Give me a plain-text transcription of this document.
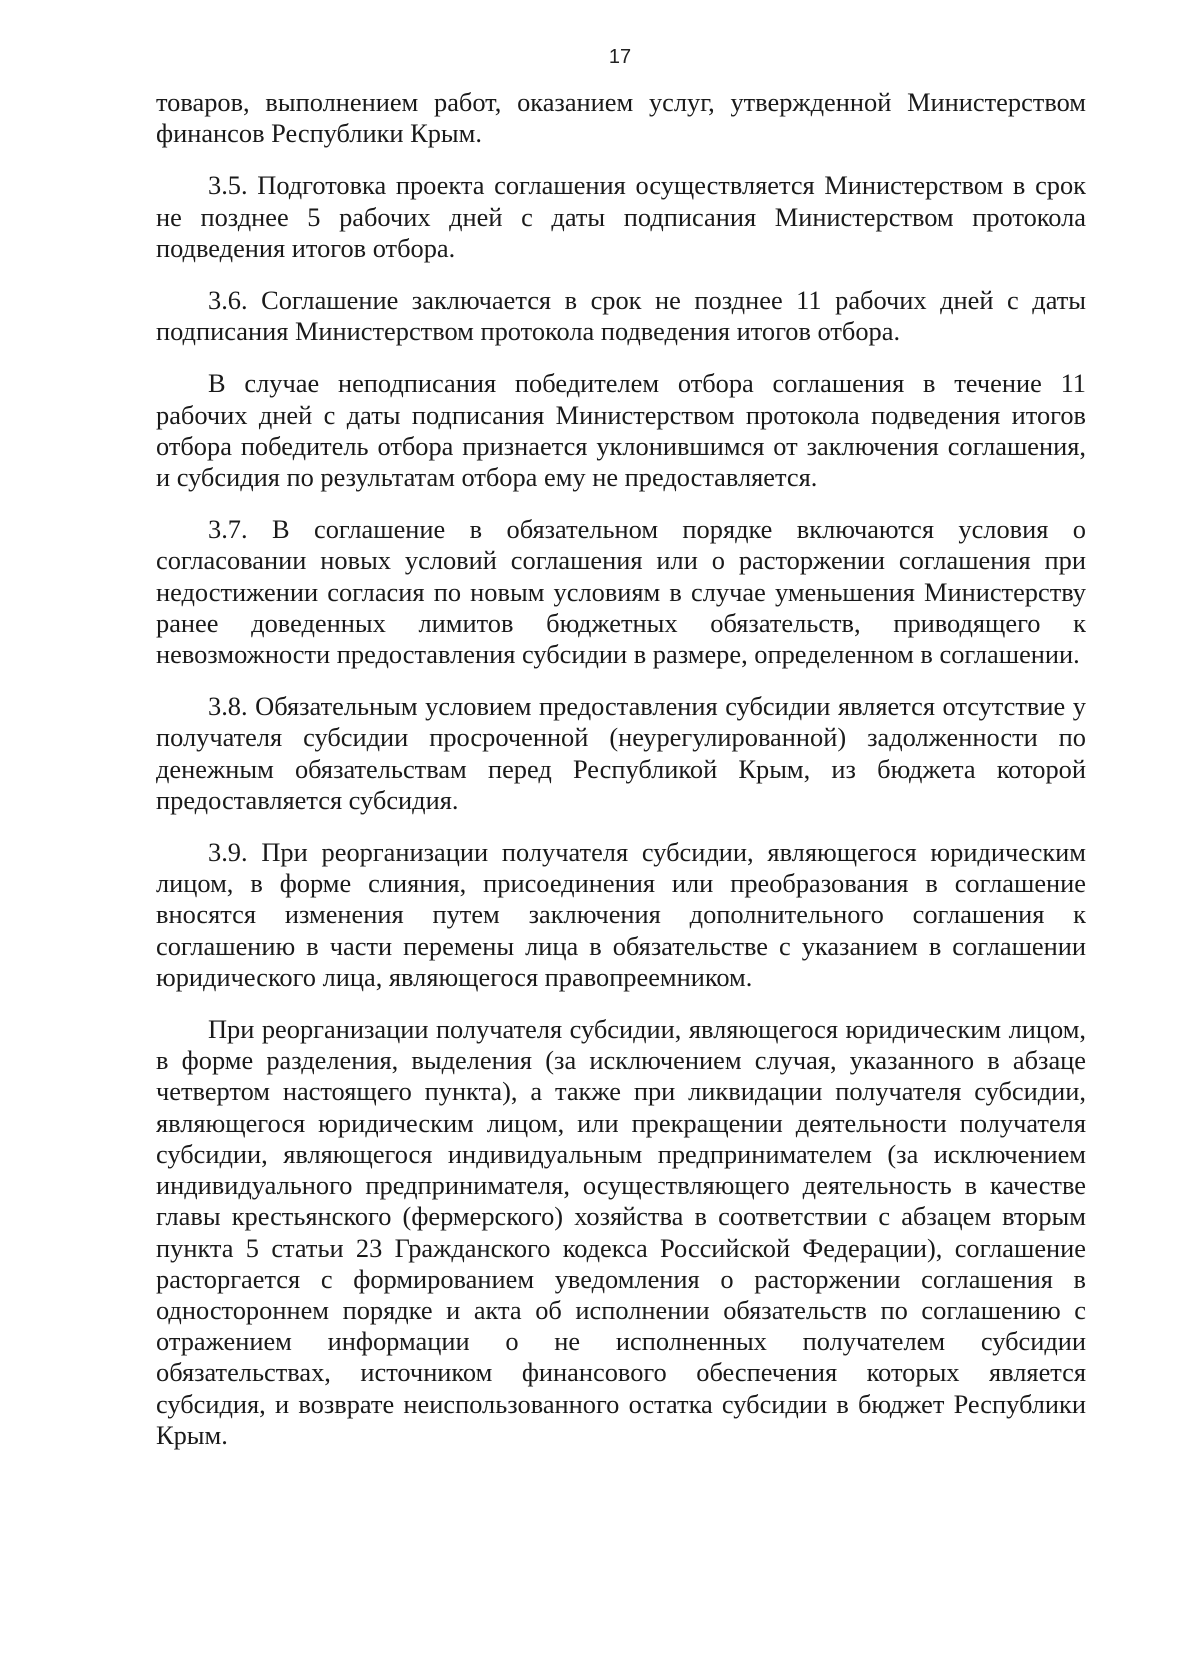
17

товаров, выполнением работ, оказанием услуг, утвержденной Министерством финансов Республики Крым.

3.5. Подготовка проекта соглашения осуществляется Министерством в срок не позднее 5 рабочих дней с даты подписания Министерством протокола подведения итогов отбора.

3.6. Соглашение заключается в срок не позднее 11 рабочих дней с даты подписания Министерством протокола подведения итогов отбора.

В случае неподписания победителем отбора соглашения в течение 11 рабочих дней с даты подписания Министерством протокола подведения итогов отбора победитель отбора признается уклонившимся от заключения соглашения, и субсидия по результатам отбора ему не предоставляется.

3.7. В соглашение в обязательном порядке включаются условия о согласовании новых условий соглашения или о расторжении соглашения при недостижении согласия по новым условиям в случае уменьшения Министерству ранее доведенных лимитов бюджетных обязательств, приводящего к невозможности предоставления субсидии в размере, определенном в соглашении.

3.8. Обязательным условием предоставления субсидии является отсутствие у получателя субсидии просроченной (неурегулированной) задолженности по денежным обязательствам перед Республикой Крым, из бюджета которой предоставляется субсидия.

3.9. При реорганизации получателя субсидии, являющегося юридическим лицом, в форме слияния, присоединения или преобразования в соглашение вносятся изменения путем заключения дополнительного соглашения к соглашению в части перемены лица в обязательстве с указанием в соглашении юридического лица, являющегося правопреемником.

При реорганизации получателя субсидии, являющегося юридическим лицом, в форме разделения, выделения (за исключением случая, указанного в абзаце четвертом настоящего пункта), а также при ликвидации получателя субсидии, являющегося юридическим лицом, или прекращении деятельности получателя субсидии, являющегося индивидуальным предпринимателем (за исключением индивидуального предпринимателя, осуществляющего деятельность в качестве главы крестьянского (фермерского) хозяйства в соответствии с абзацем вторым пункта 5 статьи 23 Гражданского кодекса Российской Федерации), соглашение расторгается с формированием уведомления о расторжении соглашения в одностороннем порядке и акта об исполнении обязательств по соглашению с отражением информации о не исполненных получателем субсидии обязательствах, источником финансового обеспечения которых является субсидия, и возврате неиспользованного остатка субсидии в бюджет Республики Крым.
